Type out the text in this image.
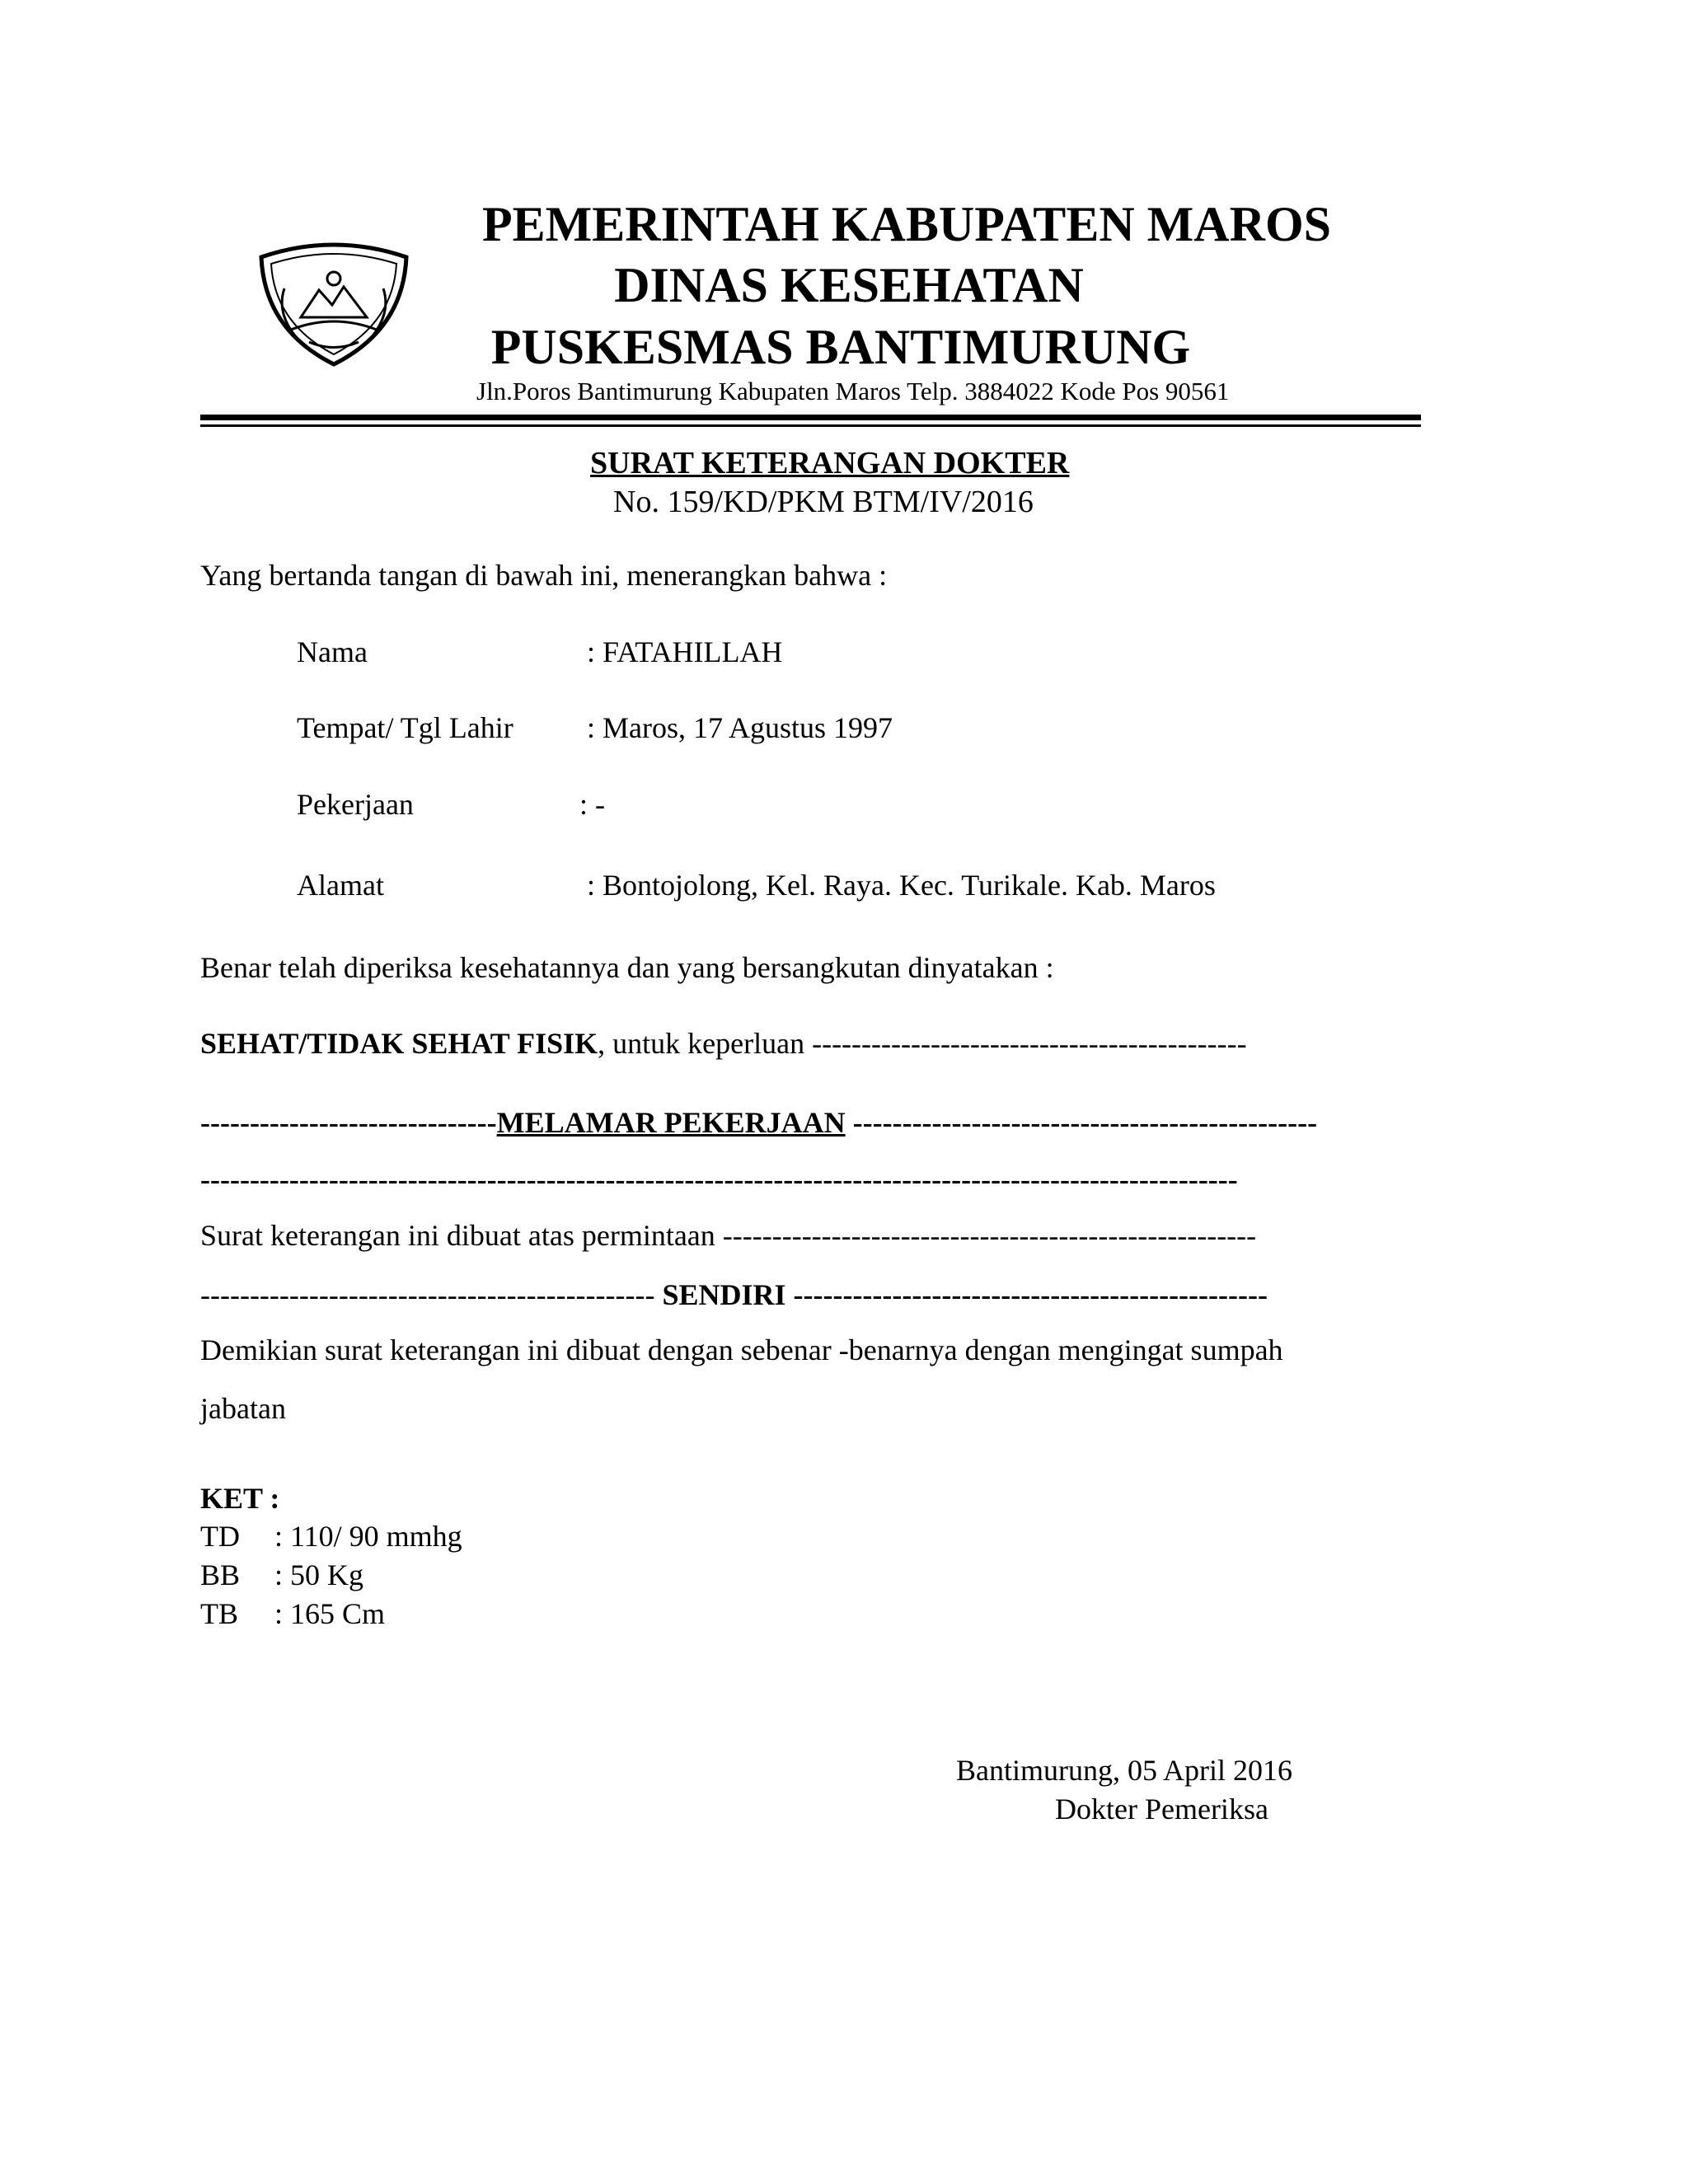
PEMERINTAH KABUPATEN MAROS
DINAS KESEHATAN
PUSKESMAS BANTIMURUNG
Jln.Poros Bantimurung Kabupaten Maros Telp. 3884022 Kode Pos 90561
SURAT KETERANGAN DOKTER
No. 159/KD/PKM BTM/IV/2016
Yang bertanda tangan di bawah ini, menerangkan bahwa :
Nama	: FATAHILLAH
Tempat/ Tgl Lahir : Maros, 17 Agustus 1997
Pekerjaan	: -
Alamat	: Bontojolong, Kel. Raya. Kec. Turikale. Kab. Maros
Benar telah diperiksa kesehatannya dan yang bersangkutan dinyatakan :
SEHAT/TIDAK SEHAT FISIK, untuk keperluan --------------------------------------------
------------------------------MELAMAR PEKERJAAN -----------------------------------------------
---------------------------------------------------------------------------------------------------------
Surat keterangan ini dibuat atas permintaan ------------------------------------------------------
---------------------------------------------- SENDIRI ------------------------------------------------
Demikian surat keterangan ini dibuat dengan sebenar -benarnya dengan mengingat sumpah
jabatan
KET :
TD : 110/ 90 mmhg
BB : 50 Kg
TB : 165 Cm
Bantimurung, 05 April 2016
Dokter Pemeriksa
